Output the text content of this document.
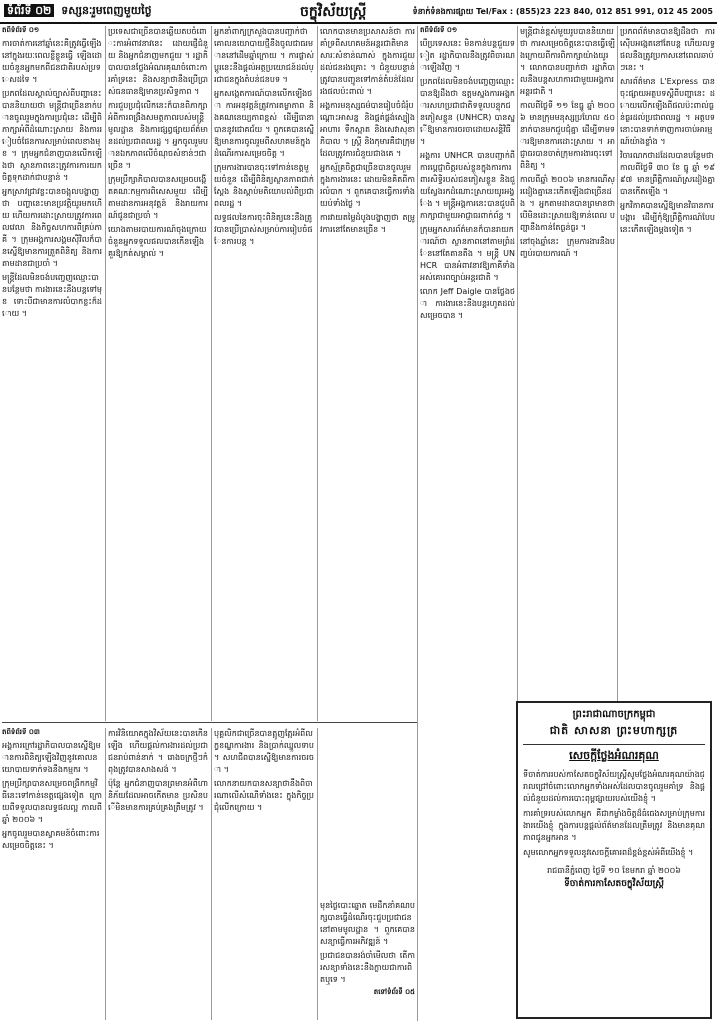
ទំព័រទី ០២ ទស្សនៈរួមពេញមួយថ្ងៃ	ចក្ខុវិស័យស្ត្រី	ទំនាក់ទំនងការផ្សាយ Tel/Fax : (855)23 223 840, 012 851 991, 012 45 2005
តពីទំព័រទី ០១

ការចាត់ការនៅឆ្នាំនេះគឺត្រូវធ្វើឡើងនៅក្នុងរយៈពេលខ្លីខ្លួនធ្វើ ឡើងដោយចំនួនអ្នកមកពីជនជាតិរបស់ប្រទេសដទៃ ។

ប្រភពដែលស្គាល់ច្បាស់ពីបញ្ហានេះបាននិយាយថា មន្ត្រីជាច្រើននាក់បានចូលរួមក្នុងការប្រជុំនេះ ដើម្បីពិភាក្សាអំពីដំណោះស្រាយ និងការរៀបចំផែនការសម្រាប់ពេលខាងមុខ ។ ក្រុមអ្នកជំនាញបានលើកឡើងថា ស្ថានភាពនេះត្រូវការការយកចិត្តទុកដាក់ជាបន្ទាន់ ។

អ្នកស្រាវជ្រាវខ្លះបានចង្អុលបង្ហាញថា បញ្ហានេះមានប្រវត្តិយូរមកហើយ ហើយការដោះស្រាយត្រូវការពេលវេលា និងកិច្ចសហការពីគ្រប់ភាគី ។ ក្រុមអង្គការសង្គមស៊ីវិលក៏បានស្នើឱ្យមានការត្រួតពិនិត្យ និងការតាមដានជាប្រចាំ ។

មន្ត្រីដែលមិនចង់បញ្ចេញឈ្មោះបានបន្ថែមថា ការងារនេះនឹងបន្តទៅមុខ ទោះបីជាមានការលំបាកខ្លះក៏ដោយ ។

ប្រទេសជាច្រើនបានឆ្លើយតបចំពោះការអំពាវនាវនេះ ដោយផ្ញើជំនួយ និងអ្នកជំនាញមកជួយ ។ រដ្ឋាភិបាលបានថ្លែងអំណរគុណចំពោះការគាំទ្រនេះ និងសន្យាថានឹងប្រើប្រាស់ធនធានឱ្យមានប្រសិទ្ធភាព ។

ការជួបប្រជុំលើកនេះក៏បានពិភាក្សាអំពីការពង្រឹងសមត្ថភាពរបស់មន្ត្រីមូលដ្ឋាន និងការផ្សព្វផ្សាយព័ត៌មានដល់ប្រជាពលរដ្ឋ ។ អ្នកចូលរួមបានឯកភាពលើចំណុចសំខាន់ៗជាច្រើន ។

ក្រុមប្រឹក្សាភិបាលបានសម្រេចបង្កើតគណៈកម្មការពិសេសមួយ ដើម្បីតាមដានការអនុវត្តន៍ និងរាយការណ៍ជូនជាប្រចាំ ។

យោងតាមរបាយការណ៍ចុងក្រោយ ចំនួនអ្នកទទួលផលបានកើនឡើងគួរឱ្យកត់សម្គាល់ ។

អ្នកនាំពាក្យក្រសួងបានបញ្ជាក់ថា គោលនយោបាយថ្មីនឹងចូលជាធរមាននៅដើមឆ្នាំក្រោយ ។ ការផ្លាស់ប្តូរនេះនឹងផ្តល់អត្ថប្រយោជន៍ដល់ប្រជាជនក្នុងតំបន់ជនបទ ។

អ្នកសង្កេតការណ៍បានលើកឡើងថា ការអនុវត្តន៍ត្រូវការតម្លាភាព និងគណនេយ្យភាពខ្ពស់ ដើម្បីធានាបាននូវជោគជ័យ ។ ពួកគេបានស្នើឱ្យមានការចូលរួមពីសហគមន៍ក្នុងដំណើរការសម្រេចចិត្ត ។

ក្រុមការងារបានចុះទៅកាន់ខេត្តមួយចំនួន ដើម្បីពិនិត្យស្ថានភាពជាក់ស្តែង និងស្តាប់មតិយោបល់ពីប្រជាពលរដ្ឋ ។

លទ្ធផលនៃការចុះពិនិត្យនេះនឹងត្រូវបានប្រើប្រាស់សម្រាប់ការរៀបចំផែនការបន្ត ។

លោកបានមានប្រសាសន៍ថា ការគាំទ្រពីសហគមន៍អន្តរជាតិមានសារៈសំខាន់ណាស់ ក្នុងការជួយដល់ជនរងគ្រោះ ។ ជំនួយបន្ទាន់ត្រូវបានបញ្ជូនទៅកាន់តំបន់ដែលរងផលប៉ះពាល់ ។

អង្គការមនុស្សធម៌បានរៀបចំជំរុំបណ្តោះអាសន្ន និងផ្គត់ផ្គង់ស្បៀងអាហារ ទឹកស្អាត និងសេវាសុខាភិបាល ។ ស្ត្រី និងកុមារគឺជាក្រុមដែលត្រូវការជំនួយជាងគេ ។

អ្នកស្ម័គ្រចិត្តជាច្រើនបានចូលរួមក្នុងការងារនេះ ដោយមិនគិតពីការលំបាក ។ ពួកគេបានធ្វើការទាំងយប់ទាំងថ្ងៃ ។

ការវាយតម្លៃដំបូងបង្ហាញថា តម្រូវការនៅតែមានច្រើន ។

តពីទំព័រទី ០១

បើប្រទេសនេះ មិនកាន់បន្តជួយទៀត រដ្ឋាភិបាលនឹងត្រូវពិចារណាឡើងវិញ ។

ប្រភពដែលមិនចង់បញ្ចេញឈ្មោះបានឱ្យដឹងថា ឧត្តមស្នងការអង្គការសហប្រជាជាតិទទួលបន្ទុកជនភៀសខ្លួន (UNHCR) បានស្នើឱ្យមានការចរចាដោយសន្តិវិធី ។

អង្គការ UNHCR បានបញ្ជាក់ពីការប្តេជ្ញាចិត្តរបស់ខ្លួនក្នុងការការពារសិទ្ធិរបស់ជនភៀសខ្លួន និងជួយស្វែងរកដំណោះស្រាយយូរអង្វែង ។ មន្ត្រីអង្គការនេះបានជួបពិភាក្សាជាមួយអាជ្ញាធរពាក់ព័ន្ធ ។

ក្រុមអ្នកសារព័ត៌មានក៏បានរាយការណ៍ថា ស្ថានភាពនៅតាមព្រំដែននៅតែតានតឹង ។ មន្ត្រី UNHCR បានអំពាវនាវឱ្យភាគីទាំងអស់គោរពច្បាប់អន្តរជាតិ ។

លោក Jeff Daigle បានថ្លែងថា ការងារនេះនឹងបន្តរហូតដល់សម្រេចបាន ។

មន្ត្រីជាន់ខ្ពស់មួយរូបបាននិយាយថា ការសម្រេចចិត្តនេះបានធ្វើឡើងក្រោយពីការពិភាក្សាយ៉ាងយូរ ។ លោកបានបញ្ជាក់ថា រដ្ឋាភិបាលនឹងបន្តសហការជាមួយអង្គការអន្តរជាតិ ។

កាលពីថ្ងៃទី ១១ ខែធ្នូ ឆ្នាំ ២០០៦ មានក្រុមមនុស្សប្រហែល ៥០ នាក់បានមកជួបជុំគ្នា ដើម្បីទាមទារឱ្យមានការដោះស្រាយ ។ អាជ្ញាធរបានចាត់ក្រុមការងារចុះទៅពិនិត្យ ។

កាលពីឆ្នាំ ២០០៦ មានករណីស្រដៀងគ្នានេះកើតឡើងជាច្រើនដង ។ អ្នកតាមដានបានព្រមានថា បើមិនដោះស្រាយឱ្យទាន់ពេល បញ្ហានឹងកាន់តែធ្ងន់ធ្ងរ ។

នៅចុងឆ្នាំនេះ ក្រុមការងារនឹងបញ្ចប់របាយការណ៍ ។

ប្រភពព័ត៌មានបានឱ្យដឹងថា ការស៊ើបអង្កេតនៅតែបន្ត ហើយលទ្ធផលនឹងត្រូវប្រកាសនៅពេលឆាប់ៗនេះ ។

សារព័ត៌មាន L'Express បានចុះផ្សាយអត្ថបទស្តីពីបញ្ហានេះ ដោយលើកឡើងពីផលប៉ះពាល់ធ្ងន់ធ្ងរដល់ប្រជាពលរដ្ឋ ។ អត្ថបទនោះបានទាក់ទាញការចាប់អារម្មណ៍យ៉ាងខ្លាំង ។

វិចារណកថាដដែលបានបន្ថែមថា កាលពីថ្ងៃទី ៣០ ខែ ធ្នូ ឆ្នាំ ១៩៩៧ មានព្រឹត្តិការណ៍ស្រដៀងគ្នាបានកើតឡើង ។

អ្នកវិភាគបានស្នើឱ្យមានវិធានការបង្ការ ដើម្បីកុំឱ្យព្រឹត្តិការណ៍បែបនេះកើតឡើងម្តងទៀត ។

តពីទំព័រទី ០៣

អង្គការក្រៅរដ្ឋាភិបាលបានស្នើឱ្យមានការពិនិត្យឡើងវិញនូវគោលនយោបាយទាក់ទងនឹងកម្មករ ។

ក្រុមប្រឹក្សាបានសម្រេចពង្រីកកម្មវិធីនេះទៅកាន់ខេត្តផ្សេងទៀត ក្រោយពីទទួលបានលទ្ធផលល្អ កាលពីឆ្នាំ ២០០៦ ។

អ្នកចូលរួមបានស្វាគមន៍ចំពោះការសម្រេចចិត្តនេះ ។

ការវិនិយោគក្នុងវិស័យនេះបានកើនឡើង ហើយផ្តល់ការងារដល់ប្រជាជនរាប់ពាន់នាក់ ។ រោងចក្រថ្មីៗកំពុងត្រូវបានសាងសង់ ។

ប៉ុន្តែ អ្នកជំនាញបានព្រមានអំពីហានិភ័យដែលអាចកើតមាន ប្រសិនបើមិនមានការគ្រប់គ្រងត្រឹមត្រូវ ។

បុគ្គលិកជាច្រើនបានត្អូញត្អែរអំពីលក្ខខណ្ឌការងារ និងប្រាក់ឈ្នួលទាប ។ សហជីពបានស្នើឱ្យមានការចរចា ។

លោកនាយកបានសន្យាថានឹងពិចារណាលើសំណើទាំងនេះ ក្នុងកិច្ចប្រជុំលើកក្រោយ ។

មុនថ្ងៃបោះឆ្នោត មេដឹកនាំគណបក្សបានធ្វើដំណើរចុះជួបប្រជាជននៅតាមមូលដ្ឋាន ។ ពួកគេបានសន្យាធ្វើការអភិវឌ្ឍន៍ ។

ប្រជាជនបានរង់ចាំមើលថា តើការសន្យាទាំងនេះនឹងក្លាយជាការពិតឬទេ ។

តទៅទំព័រទី ០៥

ព្រះរាជាណាចក្រកម្ពុជា

ជាតិ សាសនា ព្រះមហាក្សត្រ

សេចក្តីថ្លែងអំណរគុណ

ទីចាត់ការរបស់កាសែតចក្ខុវិស័យស្ត្រីសូមថ្លែងអំណរគុណយ៉ាងជ្រាលជ្រៅចំពោះលោកអ្នកទាំងអស់ដែលបានចូលរួមគាំទ្រ និងផ្តល់ជំនួយដល់ការបោះពុម្ពផ្សាយរបស់យើងខ្ញុំ ។

ការគាំទ្ររបស់លោកអ្នក គឺជាកម្លាំងចិត្តដ៏ធំធេងសម្រាប់ក្រុមការងារយើងខ្ញុំ ក្នុងការបន្តផ្តល់ព័ត៌មានដែលត្រឹមត្រូវ និងមានគុណភាពជូនអ្នកអាន ។

សូមលោកអ្នកទទួលនូវសេចក្តីគោរពដ៏ខ្ពង់ខ្ពស់អំពីយើងខ្ញុំ ។

រាជធានីភ្នំពេញ ថ្ងៃទី ១០ ខែមករា ឆ្នាំ ២០០៦

ទីចាត់ការកាសែតចក្ខុវិស័យស្ត្រី
